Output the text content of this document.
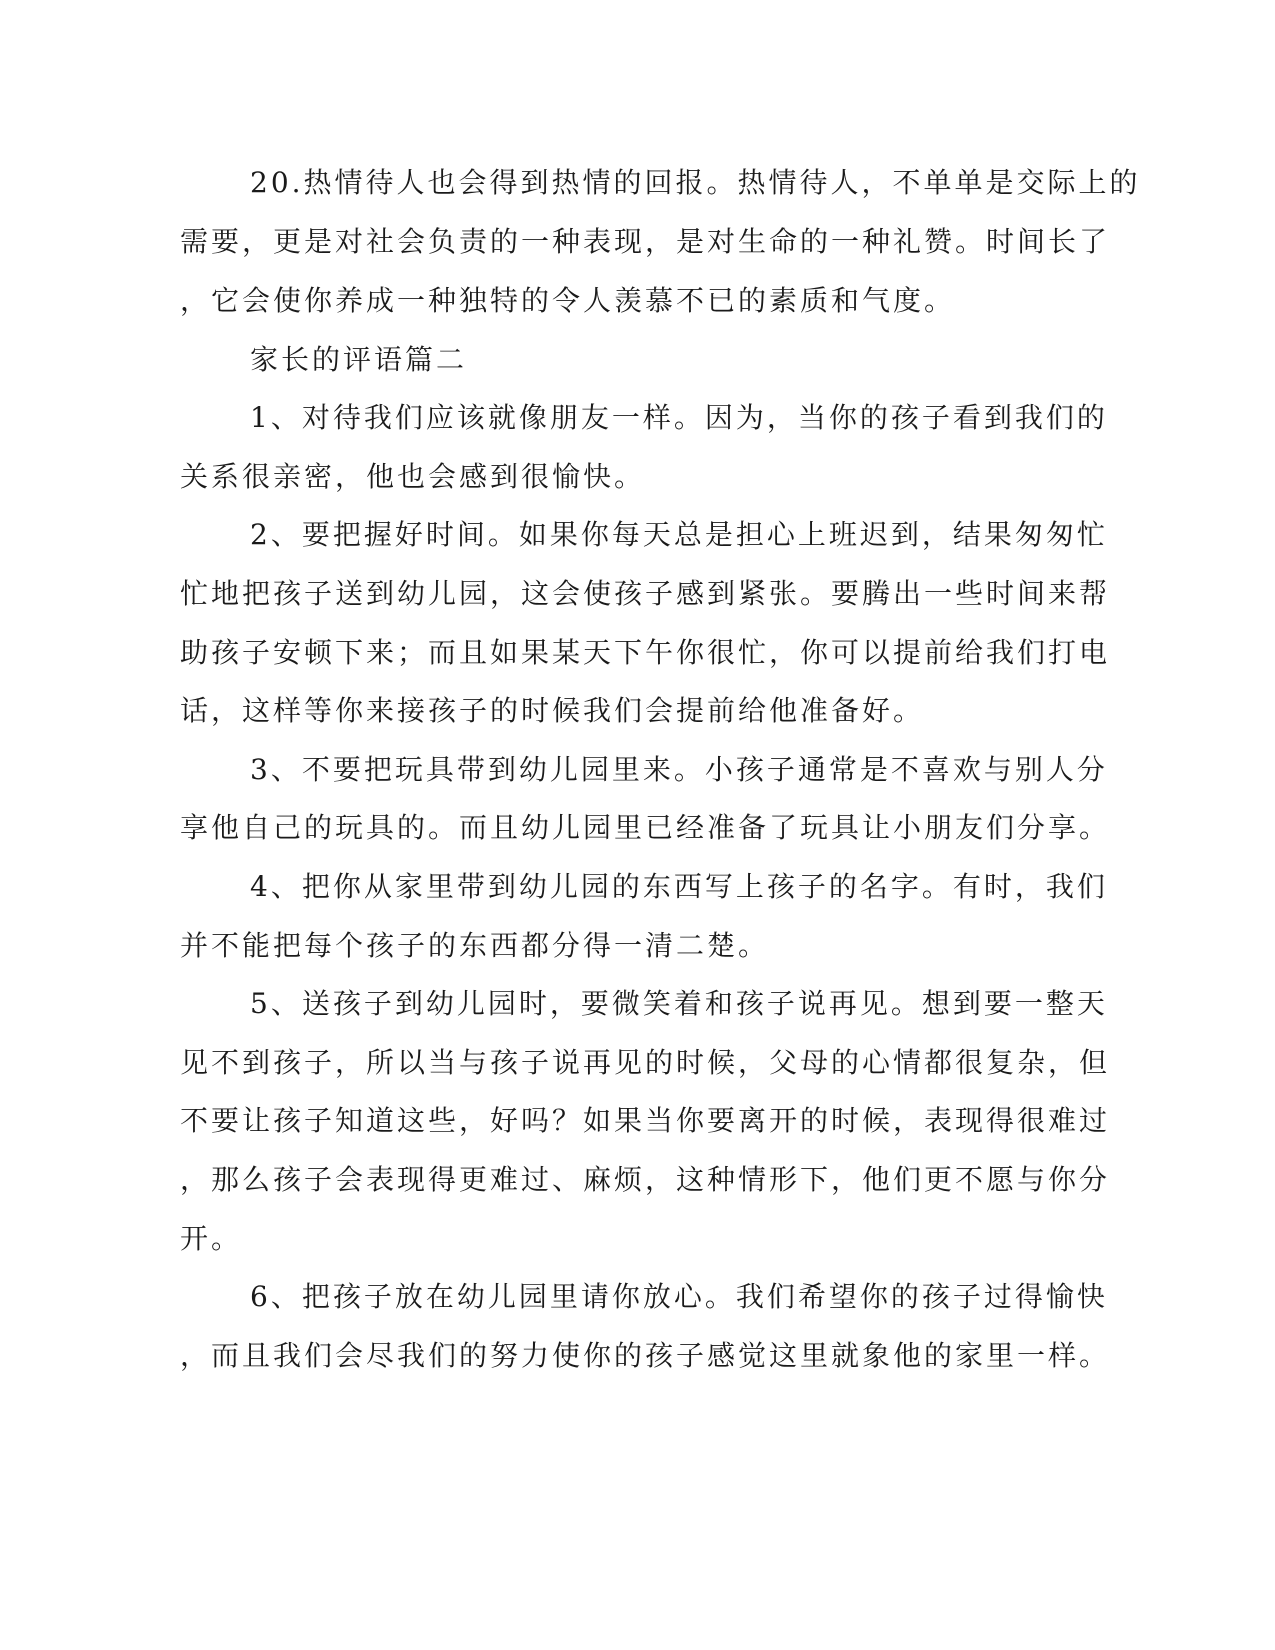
20.热情待人也会得到热情的回报。热情待人，不单单是交际上的

需要，更是对社会负责的一种表现，是对生命的一种礼赞。时间长了

，它会使你养成一种独特的令人羡慕不已的素质和气度。

家长的评语篇二

1、对待我们应该就像朋友一样。因为，当你的孩子看到我们的

关系很亲密，他也会感到很愉快。

2、要把握好时间。如果你每天总是担心上班迟到，结果匆匆忙

忙地把孩子送到幼儿园，这会使孩子感到紧张。要腾出一些时间来帮

助孩子安顿下来；而且如果某天下午你很忙，你可以提前给我们打电

话，这样等你来接孩子的时候我们会提前给他准备好。

3、不要把玩具带到幼儿园里来。小孩子通常是不喜欢与别人分

享他自己的玩具的。而且幼儿园里已经准备了玩具让小朋友们分享。

4、把你从家里带到幼儿园的东西写上孩子的名字。有时，我们

并不能把每个孩子的东西都分得一清二楚。

5、送孩子到幼儿园时，要微笑着和孩子说再见。想到要一整天

见不到孩子，所以当与孩子说再见的时候，父母的心情都很复杂，但

不要让孩子知道这些，好吗？如果当你要离开的时候，表现得很难过

，那么孩子会表现得更难过、麻烦，这种情形下，他们更不愿与你分

开。

6、把孩子放在幼儿园里请你放心。我们希望你的孩子过得愉快

，而且我们会尽我们的努力使你的孩子感觉这里就象他的家里一样。
